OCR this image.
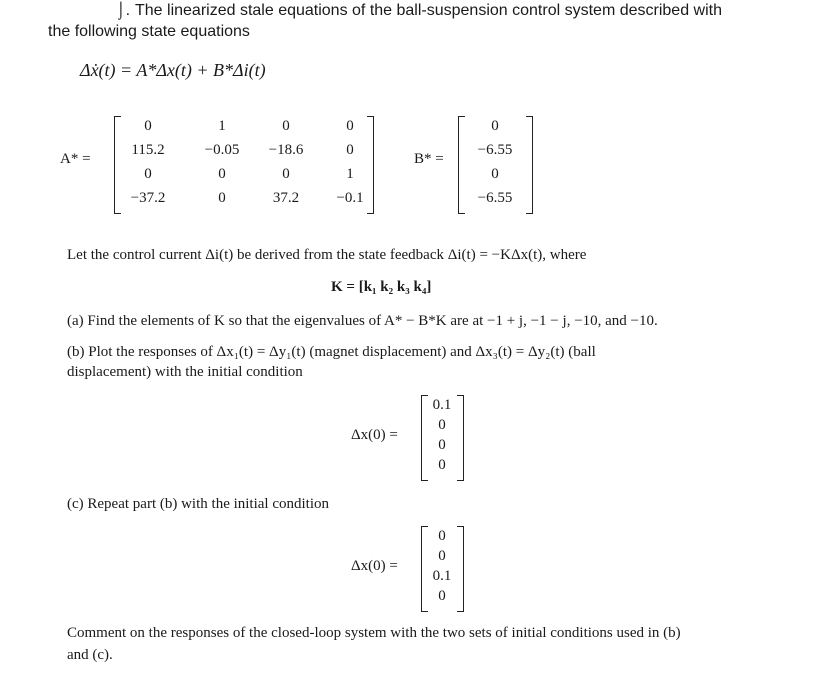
⌡. The linearized stale equations of the ball-suspension control system described with
the following state equations
Δẋ(t) = A*Δx(t) + B*Δi(t)
A* =
0	1	0	0
115.2	−0.05	−18.6	0
0	0	0	1
−37.2	0	37.2	−0.1
B* =
0
−6.55
0
−6.55
Let the control current Δi(t) be derived from the state feedback Δi(t) = −KΔx(t), where
K = [k₁ k₂ k₃ k₄]
(a) Find the elements of K so that the eigenvalues of A* − B*K are at −1 + j, −1 − j, −10, and −10.
(b) Plot the responses of Δx₁(t) = Δy₁(t) (magnet displacement) and Δx₃(t) = Δy₂(t) (ball
displacement) with the initial condition
Δx(0) =
0.1
0
0
0
(c) Repeat part (b) with the initial condition
Δx(0) =
0
0
0.1
0
Comment on the responses of the closed-loop system with the two sets of initial conditions used in (b)
and (c).
